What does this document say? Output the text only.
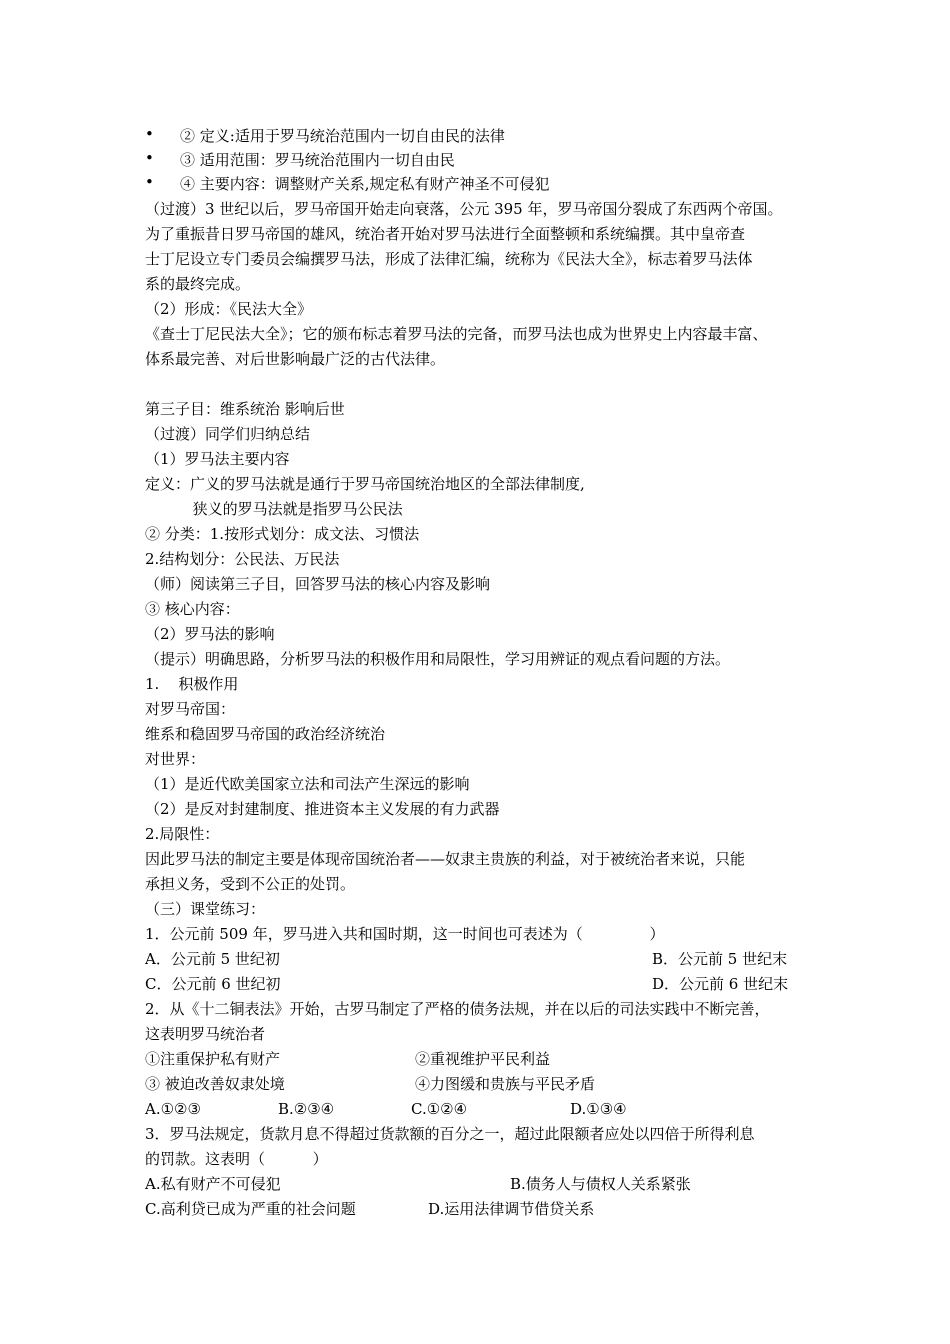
• ② 定义:适用于罗马统治范围内一切自由民的法律
• ③ 适用范围：罗马统治范围内一切自由民
• ④ 主要内容：调整财产关系,规定私有财产神圣不可侵犯
（过渡）3 世纪以后，罗马帝国开始走向衰落，公元 395 年，罗马帝国分裂成了东西两个帝国。
为了重振昔日罗马帝国的雄风，统治者开始对罗马法进行全面整顿和系统编撰。其中皇帝查
士丁尼设立专门委员会编撰罗马法，形成了法律汇编，统称为《民法大全》，标志着罗马法体
系的最终完成。
（2）形成：《民法大全》
《查士丁尼民法大全》；它的颁布标志着罗马法的完备，而罗马法也成为世界史上内容最丰富、
体系最完善、对后世影响最广泛的古代法律。
第三子目：维系统治 影响后世
（过渡）同学们归纳总结
（1）罗马法主要内容
定义：广义的罗马法就是通行于罗马帝国统治地区的全部法律制度,
狭义的罗马法就是指罗马公民法
② 分类：1.按形式划分：成文法、习惯法
2.结构划分：公民法、万民法
（师）阅读第三子目，回答罗马法的核心内容及影响
③ 核心内容：
（2）罗马法的影响
（提示）明确思路，分析罗马法的积极作用和局限性，学习用辨证的观点看问题的方法。
1.    积极作用
对罗马帝国：
维系和稳固罗马帝国的政治经济统治
对世界：
（1）是近代欧美国家立法和司法产生深远的影响
（2）是反对封建制度、推进资本主义发展的有力武器
2.局限性：
因此罗马法的制定主要是体现帝国统治者——奴隶主贵族的利益，对于被统治者来说，只能
承担义务，受到不公正的处罚。
（三）课堂练习：
1．公元前 509 年，罗马进入共和国时期，这一时间也可表述为（              ）
A．公元前 5 世纪初	B．公元前 5 世纪末
C．公元前 6 世纪初	D．公元前 6 世纪末
2．从《十二铜表法》开始，古罗马制定了严格的债务法规，并在以后的司法实践中不断完善，
这表明罗马统治者
①注重保护私有财产	②重视维护平民利益
③ 被迫改善奴隶处境	④力图缓和贵族与平民矛盾
A.①②③	B.②③④	C.①②④	D.①③④
3．罗马法规定，货款月息不得超过货款额的百分之一，超过此限额者应处以四倍于所得利息
的罚款。这表明（          ）
A.私有财产不可侵犯	B.债务人与债权人关系紧张
C.高利贷已成为严重的社会问题	D.运用法律调节借贷关系
